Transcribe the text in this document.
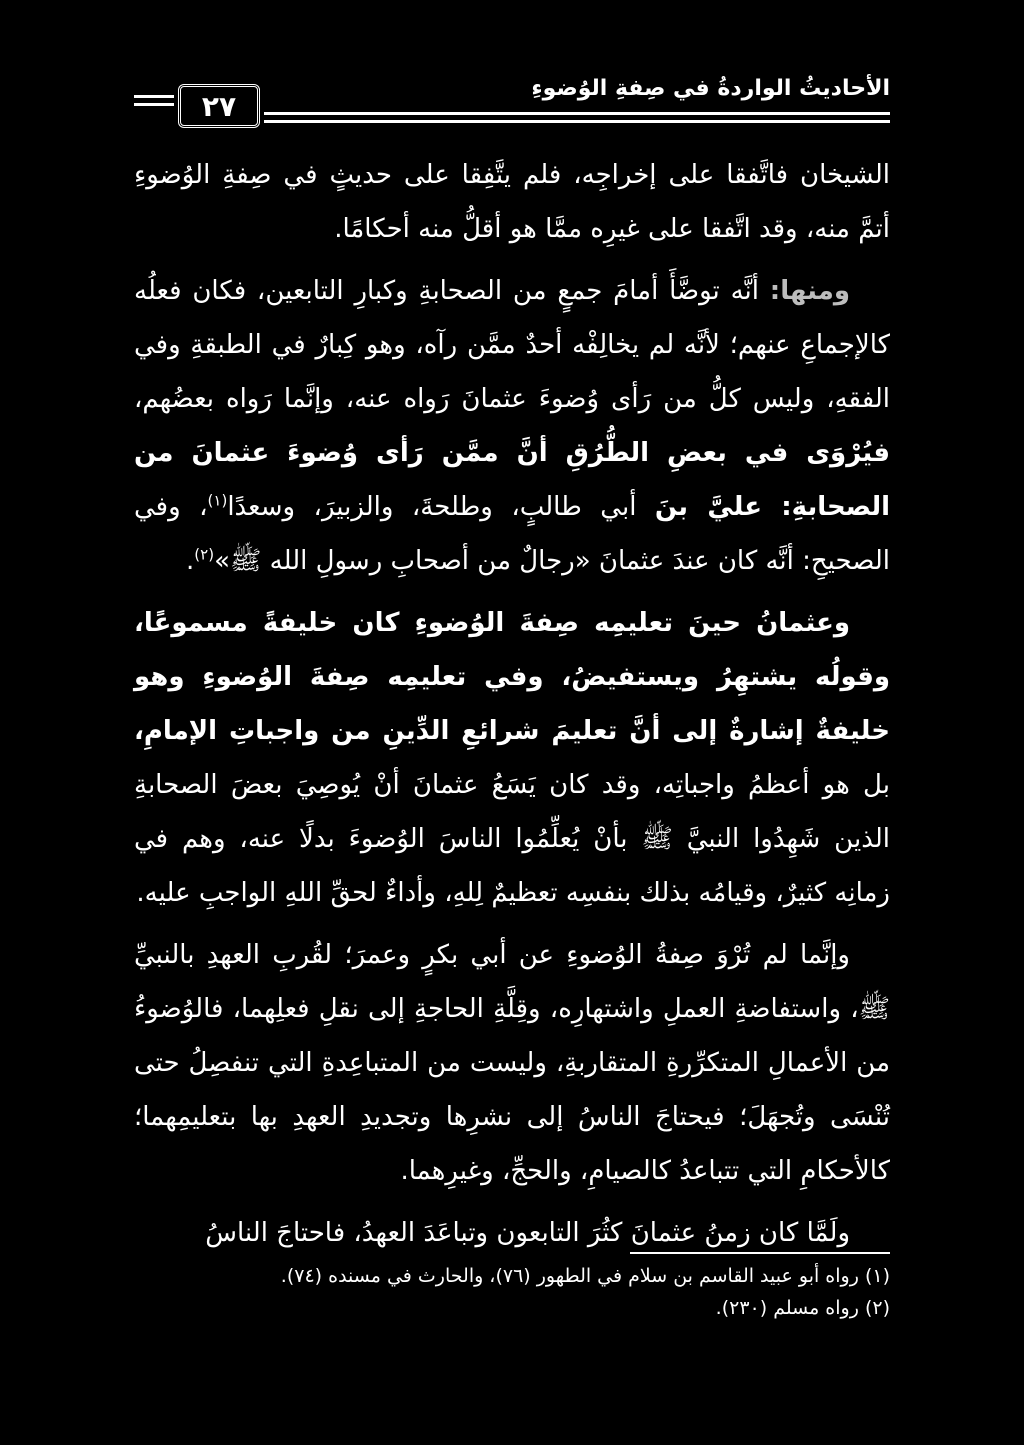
٢٧
الأحاديثُ الواردةُ في صِفةِ الوُضوءِ

الشيخان فاتَّفقا على إخراجِه، فلم يتَّفِقا على حديثٍ في صِفةِ الوُضوءِ أتمَّ منه، وقد اتَّفقا على غيرِه ممَّا هو أقلُّ منه أحكامًا.

ومنها: أنَّه توضَّأَ أمامَ جمعٍ من الصحابةِ وكبارِ التابعين، فكان فعلُه كالإجماعِ عنهم؛ لأنَّه لم يخالِفْه أحدٌ ممَّن رآه، وهو كِبارٌ في الطبقةِ وفي الفقهِ، وليس كلُّ من رَأى وُضوءَ عثمانَ رَواه عنه، وإنَّما رَواه بعضُهم، فيُرْوَى في بعضِ الطُّرُقِ أنَّ ممَّن رَأى وُضوءَ عثمانَ من الصحابةِ: عليَّ بنَ أبي طالبٍ، وطلحةَ، والزبيرَ، وسعدًا$^{(١)}$، وفي الصحيحِ: أنَّه كان عندَ عثمانَ «رجالٌ من أصحابِ رسولِ الله ﷺ»$^{(٢)}$.

وعثمانُ حينَ تعليمِه صِفةَ الوُضوءِ كان خليفةً مسموعًا، وقولُه يشتهِرُ ويستفيضُ، وفي تعليمِه صِفةَ الوُضوءِ وهو خليفةٌ إشارةٌ إلى أنَّ تعليمَ شرائعِ الدِّينِ من واجباتِ الإمامِ، بل هو أعظمُ واجباتِه، وقد كان يَسَعُ عثمانَ أنْ يُوصِيَ بعضَ الصحابةِ الذين شَهِدُوا النبيَّ ﷺ بأنْ يُعلِّمُوا الناسَ الوُضوءَ بدلًا عنه، وهم في زمانِه كثيرٌ، وقيامُه بذلك بنفسِه تعظيمٌ لِلهِ، وأداءٌ لحقِّ اللهِ الواجبِ عليه.

وإنَّما لم تُرْوَ صِفةُ الوُضوءِ عن أبي بكرٍ وعمرَ؛ لقُربِ العهدِ بالنبيِّ ﷺ، واستفاضةِ العملِ واشتهارِه، وقِلَّةِ الحاجةِ إلى نقلِ فعلِهما، فالوُضوءُ من الأعمالِ المتكرِّرةِ المتقاربةِ، وليست من المتباعِدةِ التي تنفصِلُ حتى تُنْسَى وتُجهَلَ؛ فيحتاجَ الناسُ إلى نشرِها وتجديدِ العهدِ بها بتعليمِهما؛ كالأحكامِ التي تتباعدُ كالصيامِ، والحجِّ، وغيرِهما.

ولَمَّا كان زمنُ عثمانَ كثُرَ التابعون وتباعَدَ العهدُ، فاحتاجَ الناسُ

(١) رواه أبو عبيد القاسم بن سلام في الطهور (٧٦)، والحارث في مسنده (٧٤).
(٢) رواه مسلم (٢٣٠).
